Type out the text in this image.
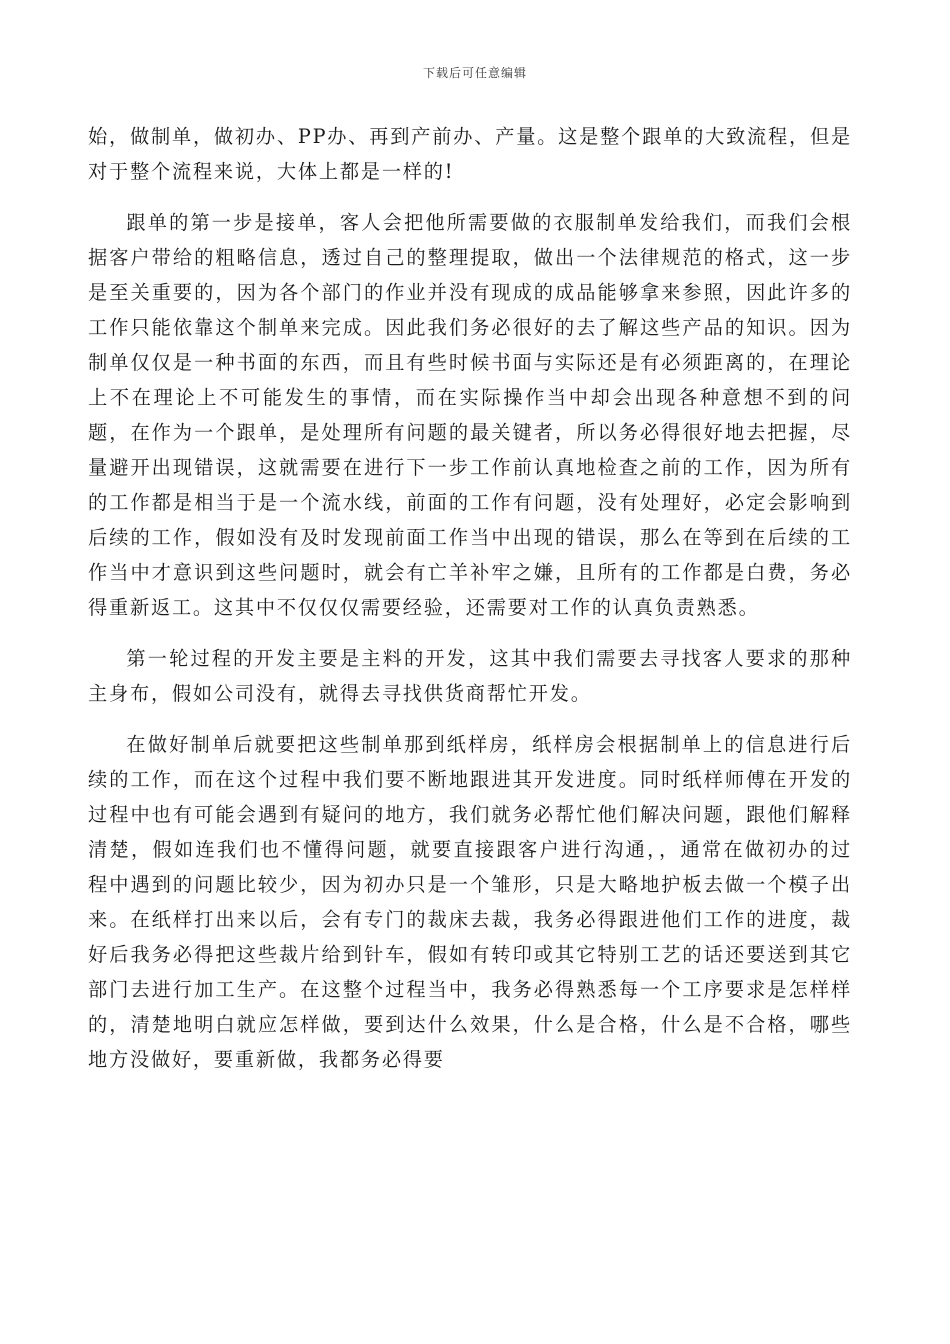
下载后可任意编辑

始，做制单，做初办、PP办、再到产前办、产量。这是整个跟单的大致流程，但是对于整个流程来说，大体上都是一样的!

跟单的第一步是接单，客人会把他所需要做的衣服制单发给我们，而我们会根据客户带给的粗略信息，透过自己的整理提取，做出一个法律规范的格式，这一步是至关重要的，因为各个部门的作业并没有现成的成品能够拿来参照，因此许多的工作只能依靠这个制单来完成。因此我们务必很好的去了解这些产品的知识。因为制单仅仅是一种书面的东西，而且有些时候书面与实际还是有必须距离的，在理论上不在理论上不可能发生的事情，而在实际操作当中却会出现各种意想不到的问题，在作为一个跟单，是处理所有问题的最关键者，所以务必得很好地去把握，尽量避开出现错误，这就需要在进行下一步工作前认真地检查之前的工作，因为所有的工作都是相当于是一个流水线，前面的工作有问题，没有处理好，必定会影响到后续的工作，假如没有及时发现前面工作当中出现的错误，那么在等到在后续的工作当中才意识到这些问题时，就会有亡羊补牢之嫌，且所有的工作都是白费，务必得重新返工。这其中不仅仅仅需要经验，还需要对工作的认真负责熟悉。

第一轮过程的开发主要是主料的开发，这其中我们需要去寻找客人要求的那种主身布，假如公司没有，就得去寻找供货商帮忙开发。

在做好制单后就要把这些制单那到纸样房，纸样房会根据制单上的信息进行后续的工作，而在这个过程中我们要不断地跟进其开发进度。同时纸样师傅在开发的过程中也有可能会遇到有疑问的地方，我们就务必帮忙他们解决问题，跟他们解释清楚，假如连我们也不懂得问题，就要直接跟客户进行沟通，，通常在做初办的过程中遇到的问题比较少，因为初办只是一个雏形，只是大略地护板去做一个模子出来。在纸样打出来以后，会有专门的裁床去裁，我务必得跟进他们工作的进度，裁好后我务必得把这些裁片给到针车，假如有转印或其它特别工艺的话还要送到其它部门去进行加工生产。在这整个过程当中，我务必得熟悉每一个工序要求是怎样样的，清楚地明白就应怎样做，要到达什么效果，什么是合格，什么是不合格，哪些地方没做好，要重新做，我都务必得要
